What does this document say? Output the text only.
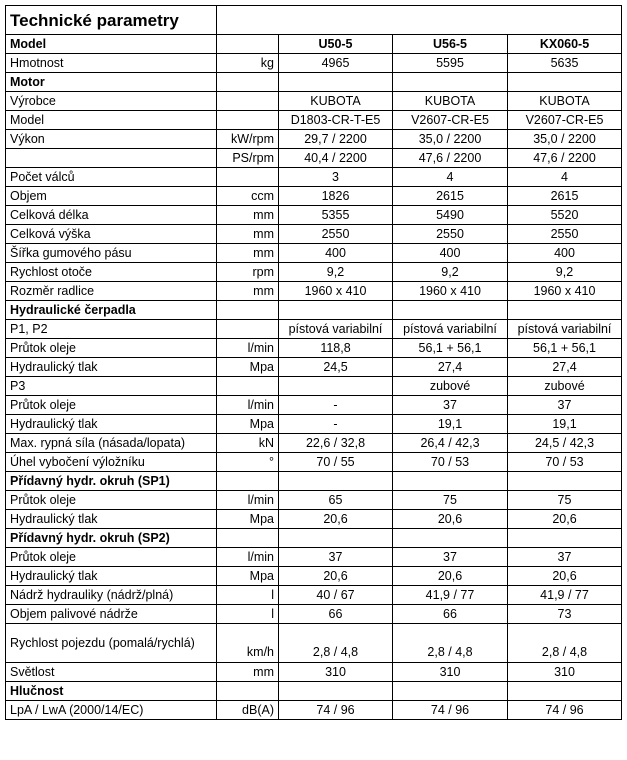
Technické parametry				
Model		U50-5	U56-5	KX060-5
Hmotnost	kg	4965	5595	5635
Motor				
Výrobce		KUBOTA	KUBOTA	KUBOTA
Model		D1803-CR-T-E5	V2607-CR-E5	V2607-CR-E5
Výkon	kW/rpm	29,7 / 2200	35,0 / 2200	35,0 / 2200
	PS/rpm	40,4 / 2200	47,6 / 2200	47,6 / 2200
Počet válců		3	4	4
Objem	ccm	1826	2615	2615
Celková délka	mm	5355	5490	5520
Celková výška	mm	2550	2550	2550
Šířka gumového pásu	mm	400	400	400
Rychlost otoče	rpm	9,2	9,2	9,2
Rozměr radlice	mm	1960 x 410	1960 x 410	1960 x 410
Hydraulické čerpadla				
P1, P2		pístová variabilní	pístová variabilní	pístová variabilní
Průtok oleje	l/min	118,8	56,1 + 56,1	56,1 + 56,1
Hydraulický tlak	Mpa	24,5	27,4	27,4
P3			zubové	zubové
Průtok oleje	l/min	-	37	37
Hydraulický tlak	Mpa	-	19,1	19,1
Max. rypná síla (násada/lopata)	kN	22,6 / 32,8	26,4 / 42,3	24,5 / 42,3
Úhel vybočení výložníku	°	70 / 55	70 / 53	70 / 53
Přídavný hydr. okruh (SP1)				
Průtok oleje	l/min	65	75	75
Hydraulický tlak	Mpa	20,6	20,6	20,6
Přídavný hydr. okruh (SP2)				
Průtok oleje	l/min	37	37	37
Hydraulický tlak	Mpa	20,6	20,6	20,6
Nádrž hydrauliky (nádrž/plná)	l	40 / 67	41,9 / 77	41,9 / 77
Objem palivové nádrže	l	66	66	73
Rychlost pojezdu (pomalá/rychlá)	km/h	2,8 / 4,8	2,8 / 4,8	2,8 / 4,8
Světlost	mm	310	310	310
Hlučnost				
LpA / LwA (2000/14/EC)	dB(A)	74 / 96	74 / 96	74 / 96
